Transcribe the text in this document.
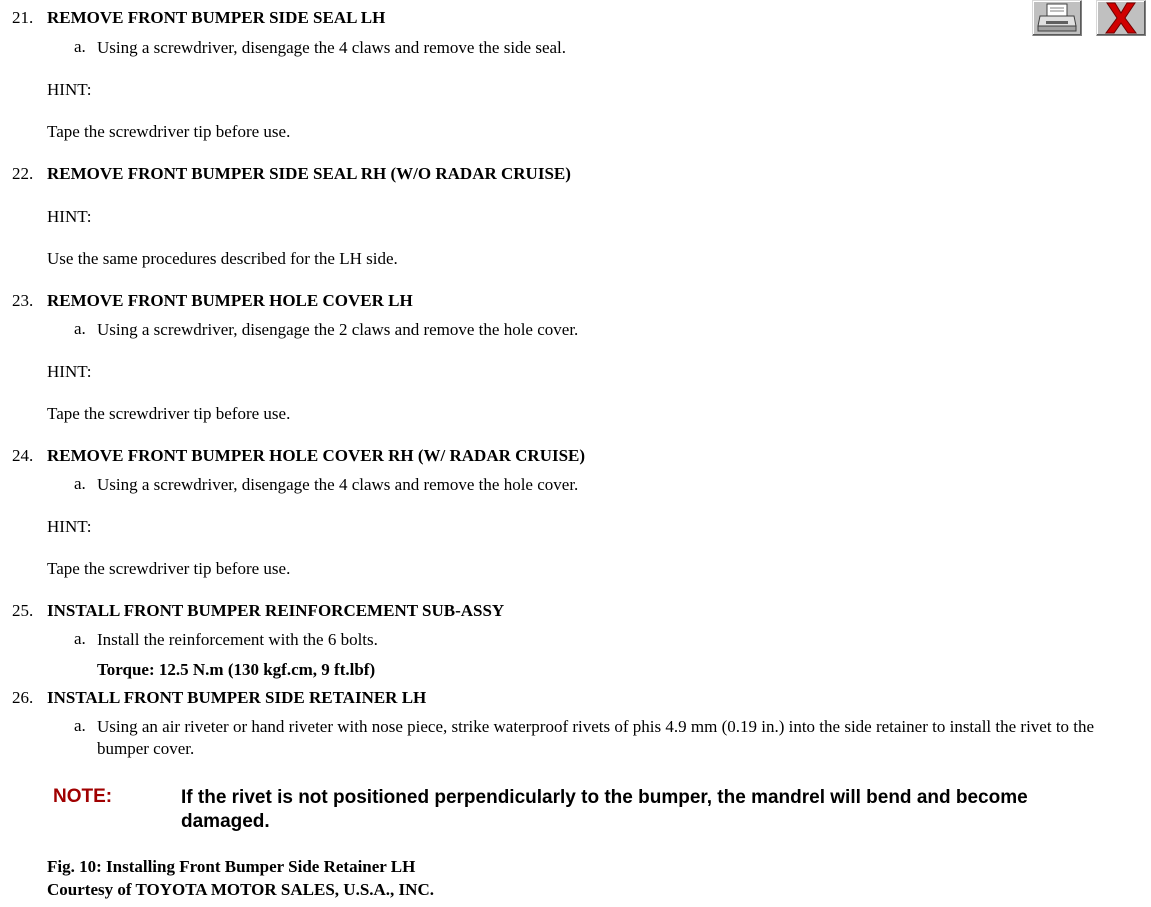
21. REMOVE FRONT BUMPER SIDE SEAL LH
a. Using a screwdriver, disengage the 4 claws and remove the side seal.
HINT:
Tape the screwdriver tip before use.
22. REMOVE FRONT BUMPER SIDE SEAL RH (W/O RADAR CRUISE)
HINT:
Use the same procedures described for the LH side.
23. REMOVE FRONT BUMPER HOLE COVER LH
a. Using a screwdriver, disengage the 2 claws and remove the hole cover.
HINT:
Tape the screwdriver tip before use.
24. REMOVE FRONT BUMPER HOLE COVER RH (W/ RADAR CRUISE)
a. Using a screwdriver, disengage the 4 claws and remove the hole cover.
HINT:
Tape the screwdriver tip before use.
25. INSTALL FRONT BUMPER REINFORCEMENT SUB-ASSY
a. Install the reinforcement with the 6 bolts.
Torque: 12.5 N.m (130 kgf.cm, 9 ft.lbf)
26. INSTALL FRONT BUMPER SIDE RETAINER LH
a. Using an air riveter or hand riveter with nose piece, strike waterproof rivets of phis 4.9 mm (0.19 in.) into the side retainer to install the rivet to the bumper cover.
NOTE:	If the rivet is not positioned perpendicularly to the bumper, the mandrel will bend and become damaged.
Fig. 10: Installing Front Bumper Side Retainer LH
Courtesy of TOYOTA MOTOR SALES, U.S.A., INC.
